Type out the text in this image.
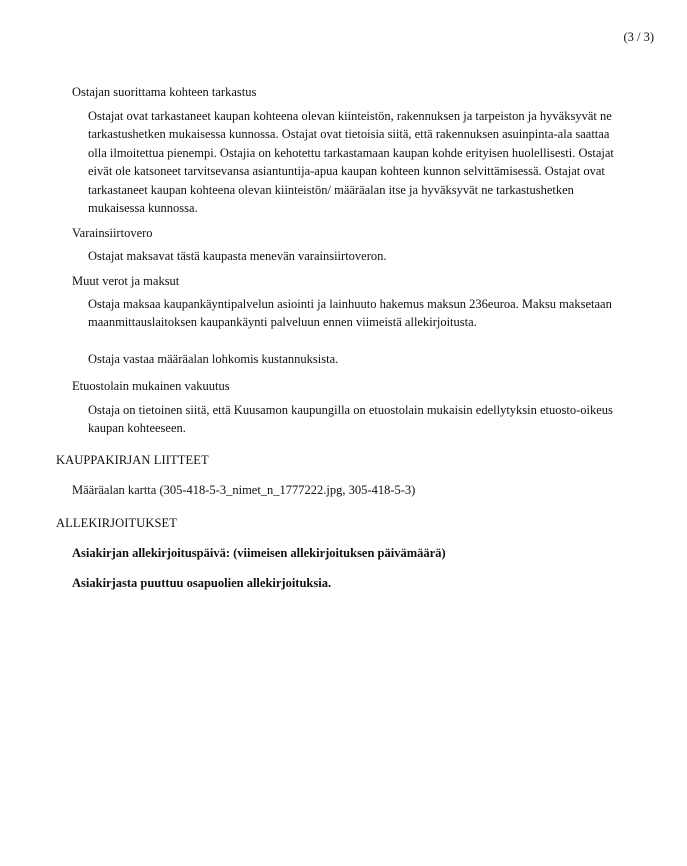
(3 / 3)
Ostajan suorittama kohteen tarkastus
Ostajat ovat tarkastaneet kaupan kohteena olevan kiinteistön, rakennuksen ja tarpeiston ja hyväksyvät ne tarkastushetken mukaisessa kunnossa. Ostajat ovat tietoisia siitä, että rakennuksen asuinpinta-ala saattaa olla ilmoitettua pienempi. Ostajia on kehotettu tarkastamaan kaupan kohde erityisen huolellisesti. Ostajat eivät ole katsoneet tarvitsevansa asiantuntija-apua kaupan kohteen kunnon selvittämisessä. Ostajat ovat tarkastaneet kaupan kohteena olevan kiinteistön/ määräalan itse ja hyväksyvät ne tarkastushetken mukaisessa kunnossa.
Varainsiirtovero
Ostajat maksavat tästä kaupasta menevän varainsiirtoveron.
Muut verot ja maksut
Ostaja maksaa kaupankäyntipalvelun asiointi ja lainhuuto hakemus maksun 236euroa. Maksu maksetaan maanmittauslaitoksen kaupankäynti palveluun ennen viimeistä allekirjoitusta.
Ostaja vastaa määräalan lohkomis kustannuksista.
Etuostolain mukainen vakuutus
Ostaja on tietoinen siitä, että Kuusamon kaupungilla on etuostolain mukaisin edellytyksin etuosto-oikeus kaupan kohteeseen.
KAUPPAKIRJAN LIITTEET
Määräalan kartta (305-418-5-3_nimet_n_1777222.jpg, 305-418-5-3)
ALLEKIRJOITUKSET
Asiakirjan allekirjoituspäivä: (viimeisen allekirjoituksen päivämäärä)
Asiakirjasta puuttuu osapuolien allekirjoituksia.
